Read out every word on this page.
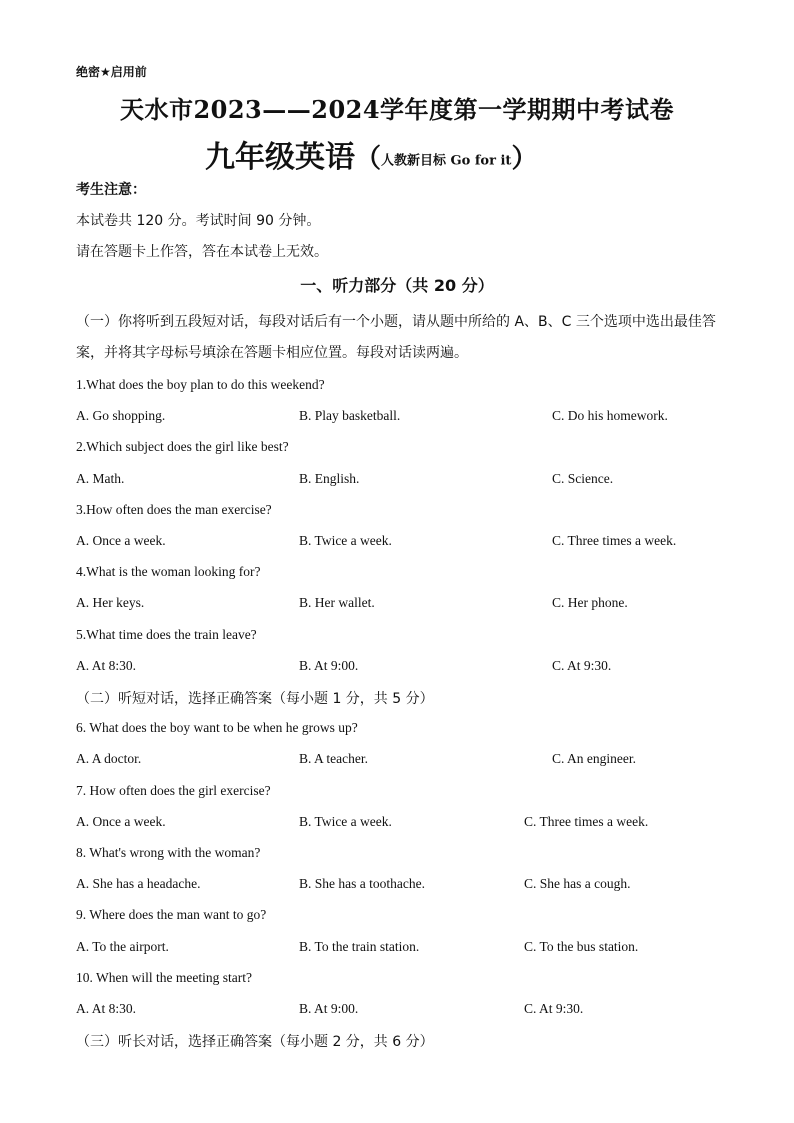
绝密★启用前
天水市2023——2024学年度第一学期期中考试卷
九年级英语（人教新目标 Go for it）
考生注意：
本试卷共 120 分。考试时间 90 分钟。
请在答题卡上作答，答在本试卷上无效。
一、听力部分（共 20 分）
（一）你将听到五段短对话，每段对话后有一个小题，请从题中所给的 A、B、C 三个选项中选出最佳答案，并将其字母标号填涂在答题卡相应位置。每段对话读两遍。
1.What does the boy plan to do this weekend?
A. Go shopping.	B. Play basketball.	C. Do his homework.
2.Which subject does the girl like best?
A. Math.	B. English.	C. Science.
3.How often does the man exercise?
A. Once a week.	B. Twice a week.	C. Three times a week.
4.What is the woman looking for?
A. Her keys.	B. Her wallet.	C. Her phone.
5.What time does the train leave?
A. At 8:30.	B. At 9:00.	C. At 9:30.
（二）听短对话，选择正确答案（每小题 1 分，共 5 分）
6. What does the boy want to be when he grows up?
A. A doctor.	B. A teacher.	C. An engineer.
7. How often does the girl exercise?
A. Once a week.	B. Twice a week.	C. Three times a week.
8. What's wrong with the woman?
A. She has a headache.	B. She has a toothache.	C. She has a cough.
9. Where does the man want to go?
A. To the airport.	B. To the train station.	C. To the bus station.
10. When will the meeting start?
A. At 8:30.	B. At 9:00.	C. At 9:30.
（三）听长对话，选择正确答案（每小题 2 分，共 6 分）
